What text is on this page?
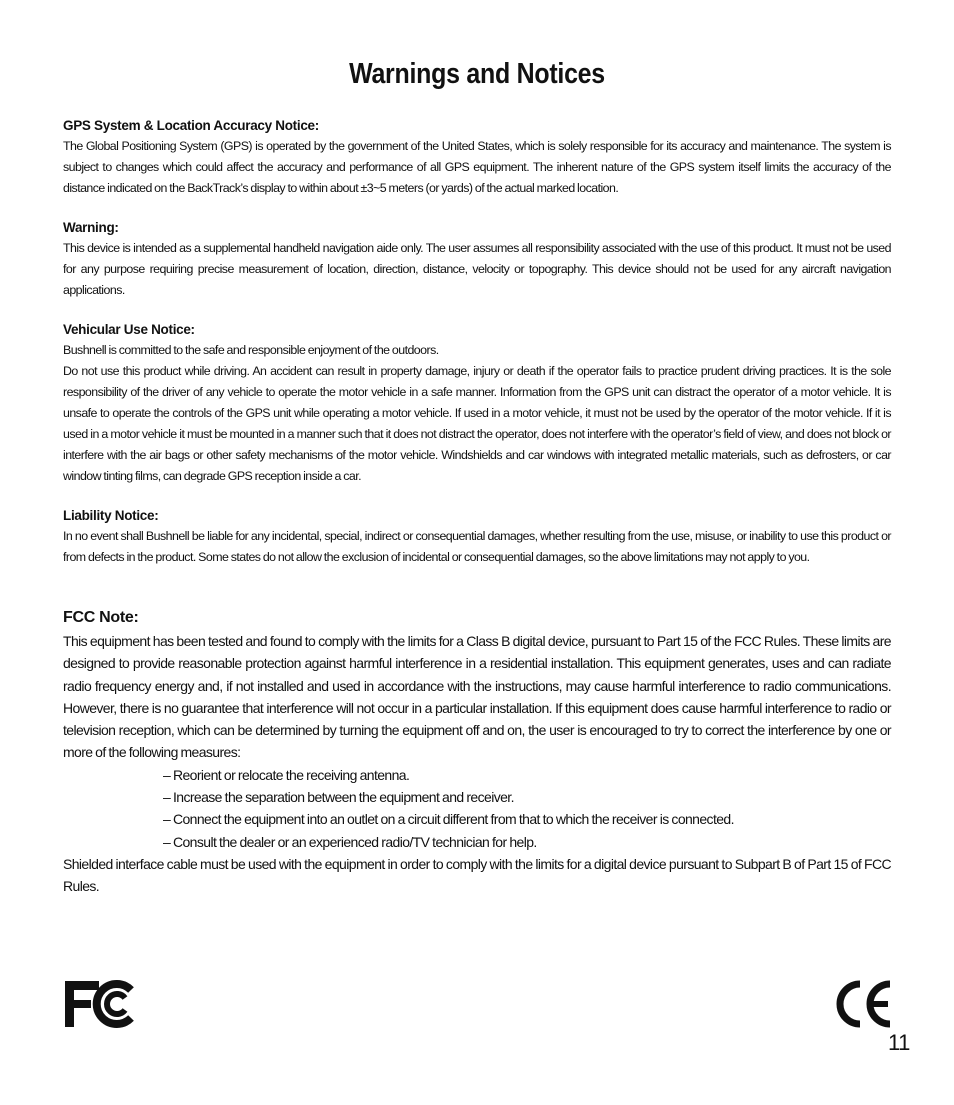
Warnings and Notices
GPS System & Location Accuracy Notice:
The Global Positioning System (GPS) is operated by the government of the United States, which is solely responsible for its accuracy and maintenance. The system is subject to changes which could affect the accuracy and performance of all GPS equipment. The inherent nature of the GPS system itself limits the accuracy of the distance indicated on the BackTrack’s display to within about ±3~5 meters (or yards) of the actual marked location.
Warning:
This device is intended as a supplemental handheld navigation aide only. The user assumes all responsibility associated with the use of this product. It must not be used for any purpose requiring precise measurement of location, direction, distance, velocity or topography. This device should not be used for any aircraft navigation applications.
Vehicular Use Notice:
Bushnell is committed to the safe and responsible enjoyment of the outdoors.
Do not use this product while driving. An accident can result in property damage, injury or death if the operator fails to practice prudent driving practices. It is the sole responsibility of the driver of any vehicle to operate the motor vehicle in a safe manner. Information from the GPS unit can distract the operator of a motor vehicle. It is unsafe to operate the controls of the GPS unit while operating a motor vehicle. If used in a motor vehicle, it must not be used by the operator of the motor vehicle. If it is used in a motor vehicle it must be mounted in a manner such that it does not distract the operator, does not interfere with the operator’s field of view, and does not block or interfere with the air bags or other safety mechanisms of the motor vehicle. Windshields and car windows with integrated metallic materials, such as defrosters, or car window tinting films, can degrade GPS reception inside a car.
Liability Notice:
In no event shall Bushnell be liable for any incidental, special, indirect or consequential damages, whether resulting from the use, misuse, or inability to use this product or from defects in the product. Some states do not allow the exclusion of incidental or consequential damages, so the above limitations may not apply to you.
FCC Note:
This equipment has been tested and found to comply with the limits for a Class B digital device, pursuant to Part 15 of the FCC Rules. These limits are designed to provide reasonable protection against harmful interference in a residential installation. This equipment generates, uses and can radiate radio frequency energy and, if not installed and used in accordance with the instructions, may cause harmful interference to radio communications. However, there is no guarantee that interference will not occur in a particular installation. If this equipment does cause harmful interference to radio or television reception, which can be determined by turning the equipment off and on, the user is encouraged to try to correct the interference by one or more of the following measures:
– Reorient or relocate the receiving antenna.
– Increase the separation between the equipment and receiver.
– Connect the equipment into an outlet on a circuit different from that to which the receiver is connected.
– Consult the dealer or an experienced radio/TV technician for help.
Shielded interface cable must be used with the equipment in order to comply with the limits for a digital device pursuant to Subpart B of Part 15 of FCC Rules.
11
